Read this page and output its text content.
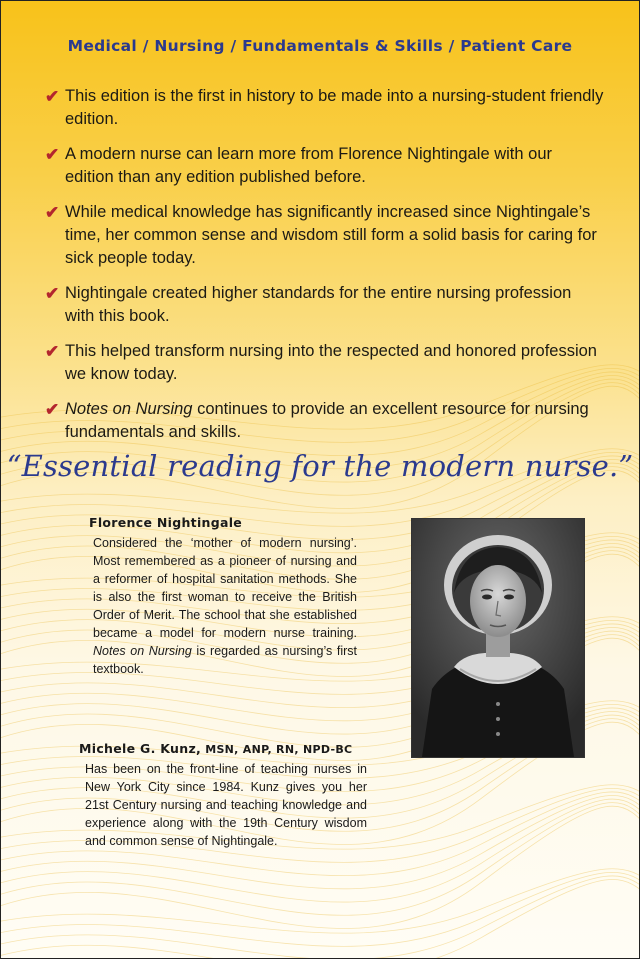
Medical / Nursing / Fundamentals & Skills / Patient Care
✔ This edition is the first in history to be made into a nursing-student friendly edition.
✔ A modern nurse can learn more from Florence Nightingale with our edition than any edition published before.
✔ While medical knowledge has significantly increased since Nightingale’s time, her common sense and wisdom still form a solid basis for caring for sick people today.
✔ Nightingale created higher standards for the entire nursing profession with this book.
✔ This helped transform nursing into the respected and honored profession we know today.
✔ Notes on Nursing continues to provide an excellent resource for nursing fundamentals and skills.
“Essential reading for the modern nurse.”
Florence Nightingale
Considered the ‘mother of modern nursing’. Most remembered as a pioneer of nursing and a reformer of hospital sanitation methods. She is also the first woman to receive the British Order of Merit. The school that she established became a model for modern nurse training. Notes on Nursing is regarded as nursing’s first textbook.
Michele G. Kunz, MSN, ANP, RN, NPD-BC
Has been on the front-line of teaching nurses in New York City since 1984. Kunz gives you her 21st Century nursing and teaching knowledge and experience along with the 19th Century wisdom and common sense of Nightingale.
